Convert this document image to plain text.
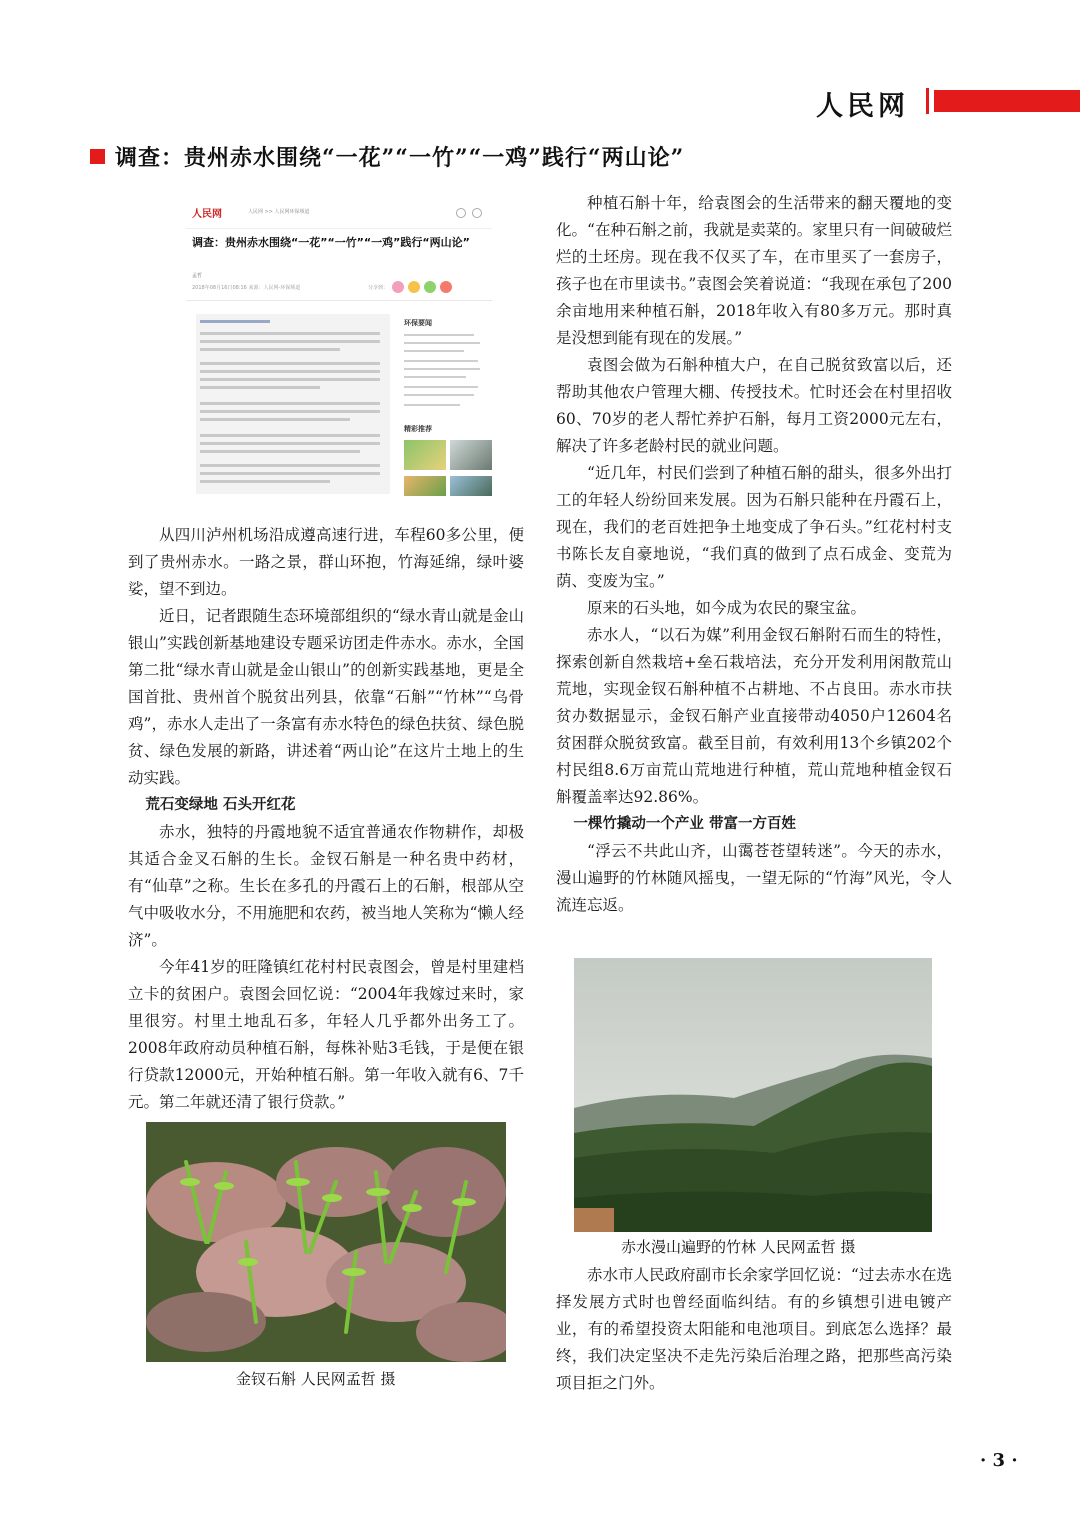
人民网
调查：贵州赤水围绕“一花”“一竹”“一鸡”践行“两山论”
人民网	人民网 >> 人民网环保频道
调查：贵州赤水围绕“一花”“一竹”“一鸡”践行“两山论”
孟哲
2018年08月16日08:16 来源：人民网-环保频道	分享到：
环保要闻
精彩推荐

从四川泸州机场沿成遵高速行进，车程60多公里，便到了贵州赤水。一路之景，群山环抱，竹海延绵，绿叶婆娑，望不到边。

近日，记者跟随生态环境部组织的“绿水青山就是金山银山”实践创新基地建设专题采访团走件赤水。赤水，全国第二批“绿水青山就是金山银山”的创新实践基地，更是全国首批、贵州首个脱贫出列县，依靠“石斛”“竹林”“乌骨鸡”，赤水人走出了一条富有赤水特色的绿色扶贫、绿色脱贫、绿色发展的新路，讲述着“两山论”在这片土地上的生动实践。

荒石变绿地 石头开红花

赤水，独特的丹霞地貌不适宜普通农作物耕作，却极其适合金叉石斛的生长。金钗石斛是一种名贵中药材，有“仙草”之称。生长在多孔的丹霞石上的石斛，根部从空气中吸收水分，不用施肥和农药，被当地人笑称为“懒人经济”。

今年41岁的旺隆镇红花村村民袁图会，曾是村里建档立卡的贫困户。袁图会回忆说：“2004年我嫁过来时，家里很穷。村里土地乱石多，年轻人几乎都外出务工了。2008年政府动员种植石斛，每株补贴3毛钱，于是便在银行贷款12000元，开始种植石斛。第一年收入就有6、7千元。第二年就还清了银行贷款。”

金钗石斛 人民网孟哲 摄

种植石斛十年，给袁图会的生活带来的翻天覆地的变化。“在种石斛之前，我就是卖菜的。家里只有一间破破烂烂的土坯房。现在我不仅买了车，在市里买了一套房子，孩子也在市里读书。”袁图会笑着说道：“我现在承包了200余亩地用来种植石斛，2018年收入有80多万元。那时真是没想到能有现在的发展。”

袁图会做为石斛种植大户，在自己脱贫致富以后，还帮助其他农户管理大棚、传授技术。忙时还会在村里招收60、70岁的老人帮忙养护石斛，每月工资2000元左右，解决了许多老龄村民的就业问题。

“近几年，村民们尝到了种植石斛的甜头，很多外出打工的年轻人纷纷回来发展。因为石斛只能种在丹霞石上，现在，我们的老百姓把争土地变成了争石头。”红花村村支书陈长友自豪地说，“我们真的做到了点石成金、变荒为荫、变废为宝。”

原来的石头地，如今成为农民的聚宝盆。

赤水人，“以石为媒”利用金钗石斛附石而生的特性，探索创新自然栽培+垒石栽培法，充分开发利用闲散荒山荒地，实现金钗石斛种植不占耕地、不占良田。赤水市扶贫办数据显示，金钗石斛产业直接带动4050户12604名贫困群众脱贫致富。截至目前，有效利用13个乡镇202个村民组8.6万亩荒山荒地进行种植，荒山荒地种植金钗石斛覆盖率达92.86%。

一棵竹撬动一个产业 带富一方百姓

“浮云不共此山齐，山霭苍苍望转迷”。今天的赤水，漫山遍野的竹林随风摇曳，一望无际的“竹海”风光，令人流连忘返。

赤水漫山遍野的竹林 人民网孟哲 摄

赤水市人民政府副市长余家学回忆说：“过去赤水在选择发展方式时也曾经面临纠结。有的乡镇想引进电镀产业，有的希望投资太阳能和电池项目。到底怎么选择？最终，我们决定坚决不走先污染后治理之路，把那些高污染项目拒之门外。

· 3 ·
